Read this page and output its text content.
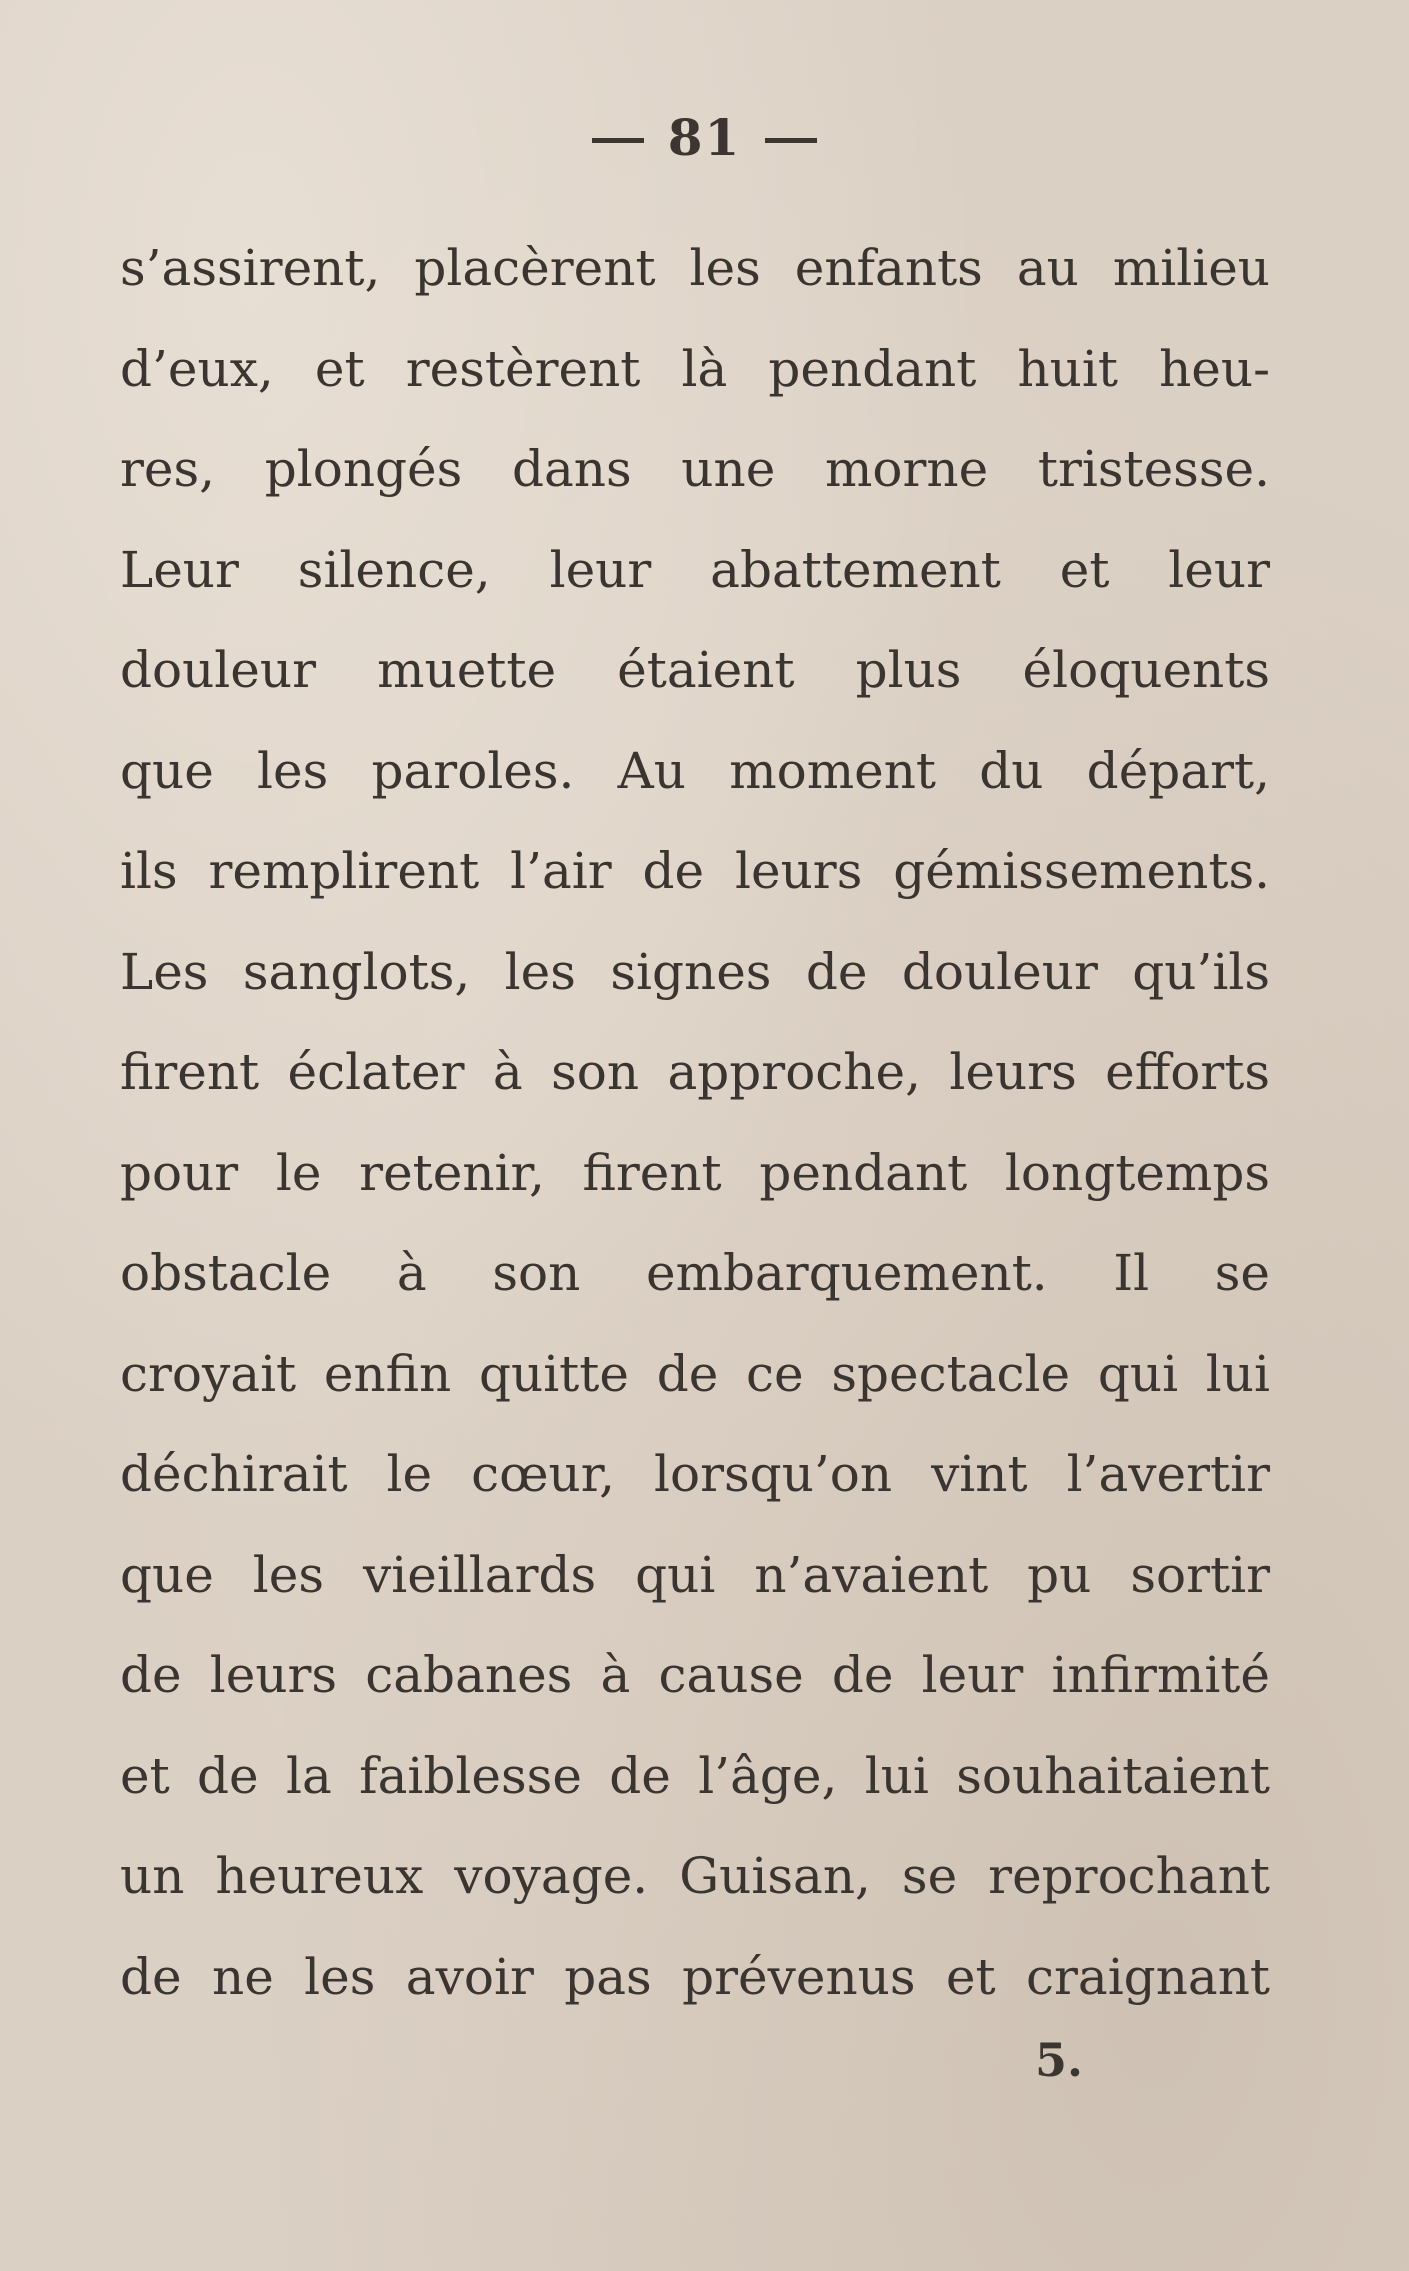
81
s’assirent, placèrent les enfants au milieu
d’eux, et restèrent là pendant huit heu-
res, plongés dans une morne tristesse.
Leur silence, leur abattement et leur
douleur muette étaient plus éloquents
que les paroles. Au moment du départ,
ils remplirent l’air de leurs gémissements.
Les sanglots, les signes de douleur qu’ils
firent éclater à son approche, leurs efforts
pour le retenir, firent pendant longtemps
obstacle à son embarquement. Il se
croyait enfin quitte de ce spectacle qui lui
déchirait le cœur, lorsqu’on vint l’avertir
que les vieillards qui n’avaient pu sortir
de leurs cabanes à cause de leur infirmité
et de la faiblesse de l’âge, lui souhaitaient
un heureux voyage. Guisan, se reprochant
de ne les avoir pas prévenus et craignant
5.
